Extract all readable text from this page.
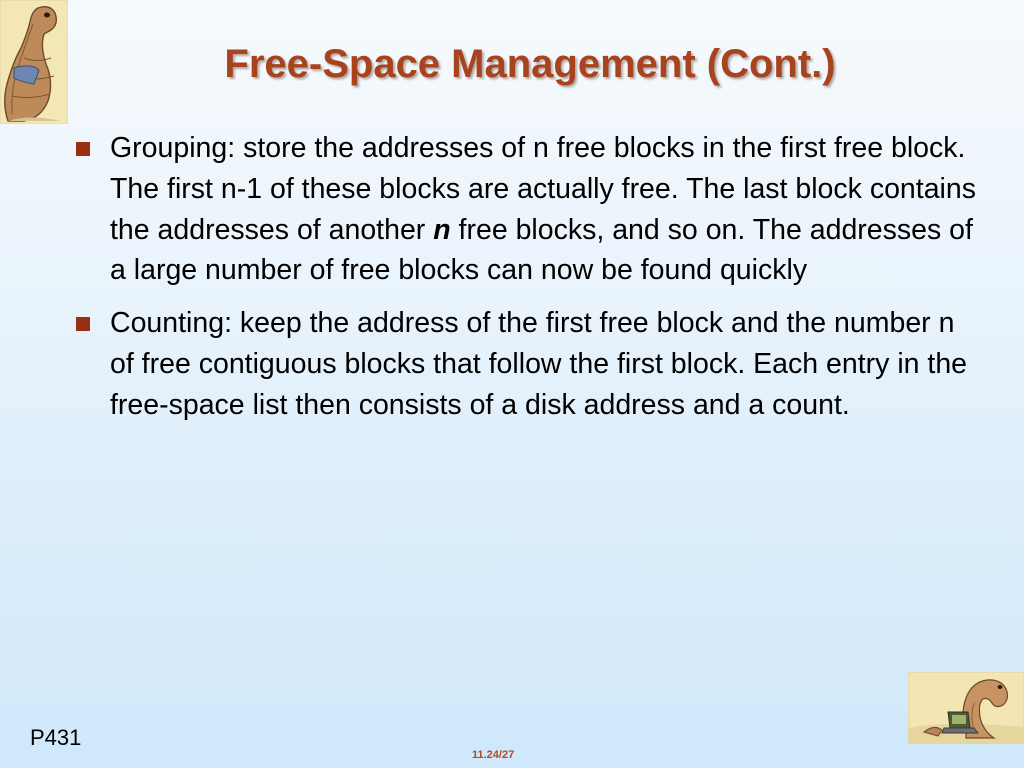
Free-Space Management (Cont.)
Grouping: store the addresses of n free blocks in the first free block. The first n-1 of these blocks are actually free. The last block contains the addresses of another n free blocks, and so on. The addresses of a large number of free blocks can now be found quickly
Counting: keep the address of the first free block and the number n of free contiguous blocks that follow the first block. Each entry in the free-space list then consists of a disk address and a count.
P431
11.24/27
